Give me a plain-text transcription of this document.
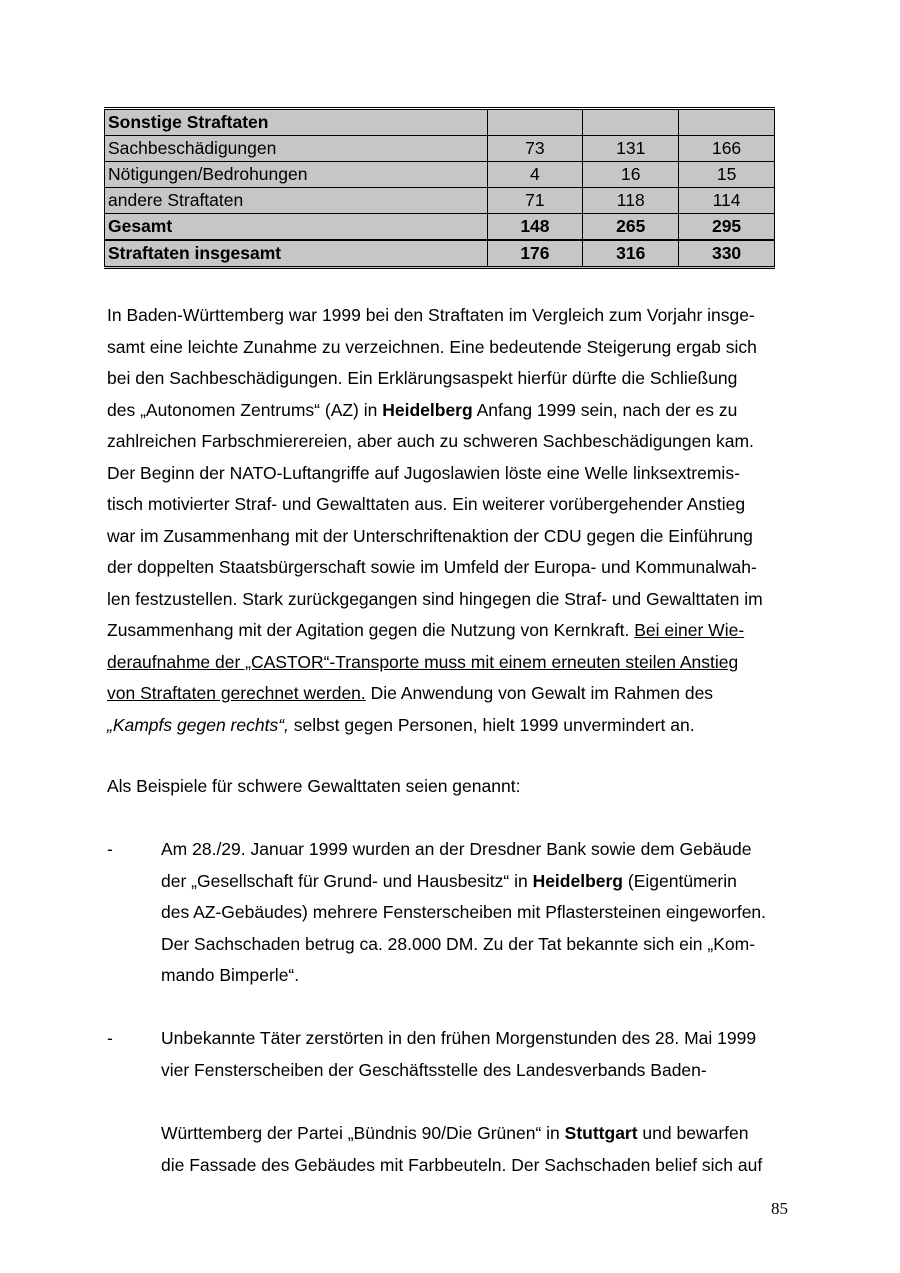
Sonstige Straftaten			
Sachbeschädigungen	73	131	166
Nötigungen/Bedrohungen	4	16	15
andere Straftaten	71	118	114
Gesamt	148	265	295
Straftaten insgesamt	176	316	330
In Baden-Württemberg war 1999 bei den Straftaten im Vergleich zum Vorjahr insge-
samt eine leichte Zunahme zu verzeichnen. Eine bedeutende Steigerung ergab sich
bei den Sachbeschädigungen. Ein Erklärungsaspekt hierfür dürfte die Schließung
des „Autonomen Zentrums“ (AZ) in Heidelberg Anfang 1999 sein, nach der es zu
zahlreichen Farbschmierereien, aber auch zu schweren Sachbeschädigungen kam.
Der Beginn der NATO-Luftangriffe auf Jugoslawien löste eine Welle linksextremis-
tisch motivierter Straf- und Gewalttaten aus. Ein weiterer vorübergehender Anstieg
war im Zusammenhang mit der Unterschriftenaktion der CDU gegen die Einführung
der doppelten Staatsbürgerschaft sowie im Umfeld der Europa- und Kommunalwah-
len festzustellen. Stark zurückgegangen sind hingegen die Straf- und Gewalttaten im
Zusammenhang mit der Agitation gegen die Nutzung von Kernkraft. Bei einer Wie-
deraufnahme der „CASTOR“-Transporte muss mit einem erneuten steilen Anstieg
von Straftaten gerechnet werden. Die Anwendung von Gewalt im Rahmen des
„Kampfs gegen rechts“, selbst gegen Personen, hielt 1999 unvermindert an.
Als Beispiele für schwere Gewalttaten seien genannt:
-	Am 28./29. Januar 1999 wurden an der Dresdner Bank sowie dem Gebäude
der „Gesellschaft für Grund- und Hausbesitz“ in Heidelberg (Eigentümerin
des AZ-Gebäudes) mehrere Fensterscheiben mit Pflastersteinen eingeworfen.
Der Sachschaden betrug ca. 28.000 DM. Zu der Tat bekannte sich ein „Kom-
mando Bimperle“.
-	Unbekannte Täter zerstörten in den frühen Morgenstunden des 28. Mai 1999
vier Fensterscheiben der Geschäftsstelle des Landesverbands Baden-
Württemberg der Partei „Bündnis 90/Die Grünen“ in Stuttgart und bewarfen
die Fassade des Gebäudes mit Farbbeuteln. Der Sachschaden belief sich auf
85
